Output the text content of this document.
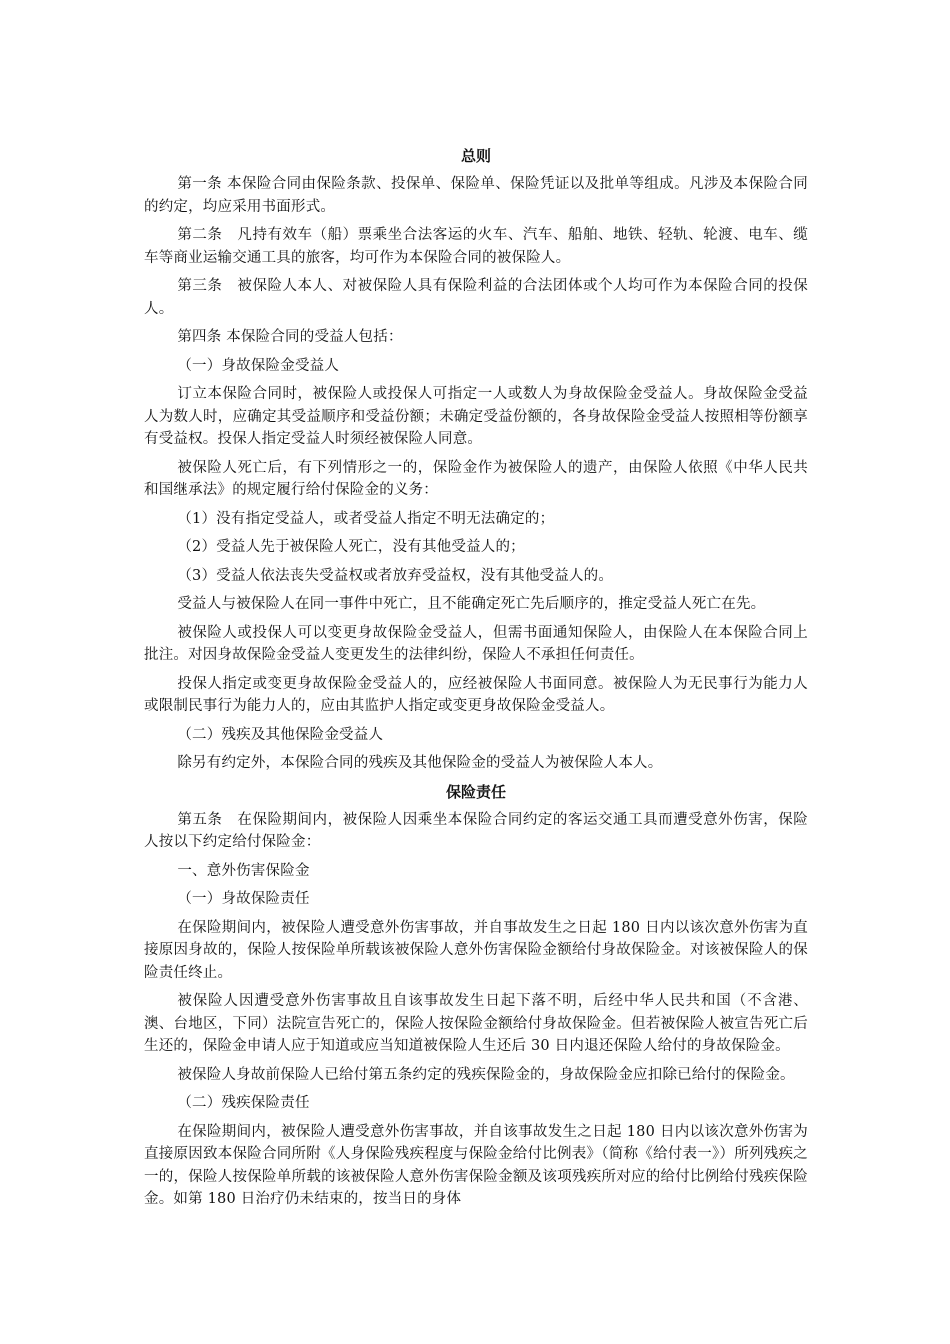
总则

第一条 本保险合同由保险条款、投保单、保险单、保险凭证以及批单等组成。凡涉及本保险合同的约定，均应采用书面形式。

第二条　凡持有效车（船）票乘坐合法客运的火车、汽车、船舶、地铁、轻轨、轮渡、电车、缆车等商业运输交通工具的旅客，均可作为本保险合同的被保险人。

第三条　被保险人本人、对被保险人具有保险利益的合法团体或个人均可作为本保险合同的投保人。

第四条 本保险合同的受益人包括：

（一）身故保险金受益人

订立本保险合同时，被保险人或投保人可指定一人或数人为身故保险金受益人。身故保险金受益人为数人时，应确定其受益顺序和受益份额；未确定受益份额的，各身故保险金受益人按照相等份额享有受益权。投保人指定受益人时须经被保险人同意。

被保险人死亡后，有下列情形之一的，保险金作为被保险人的遗产，由保险人依照《中华人民共和国继承法》的规定履行给付保险金的义务：

（1）没有指定受益人，或者受益人指定不明无法确定的；

（2）受益人先于被保险人死亡，没有其他受益人的；

（3）受益人依法丧失受益权或者放弃受益权，没有其他受益人的。

受益人与被保险人在同一事件中死亡，且不能确定死亡先后顺序的，推定受益人死亡在先。

被保险人或投保人可以变更身故保险金受益人，但需书面通知保险人，由保险人在本保险合同上批注。对因身故保险金受益人变更发生的法律纠纷，保险人不承担任何责任。

投保人指定或变更身故保险金受益人的，应经被保险人书面同意。被保险人为无民事行为能力人或限制民事行为能力人的，应由其监护人指定或变更身故保险金受益人。

（二）残疾及其他保险金受益人

除另有约定外，本保险合同的残疾及其他保险金的受益人为被保险人本人。

保险责任

第五条　在保险期间内，被保险人因乘坐本保险合同约定的客运交通工具而遭受意外伤害，保险人按以下约定给付保险金：

一、意外伤害保险金

（一）身故保险责任

在保险期间内，被保险人遭受意外伤害事故，并自事故发生之日起 180 日内以该次意外伤害为直接原因身故的，保险人按保险单所载该被保险人意外伤害保险金额给付身故保险金。对该被保险人的保险责任终止。

被保险人因遭受意外伤害事故且自该事故发生日起下落不明，后经中华人民共和国（不含港、澳、台地区，下同）法院宣告死亡的，保险人按保险金额给付身故保险金。但若被保险人被宣告死亡后生还的，保险金申请人应于知道或应当知道被保险人生还后 30 日内退还保险人给付的身故保险金。

被保险人身故前保险人已给付第五条约定的残疾保险金的，身故保险金应扣除已给付的保险金。

（二）残疾保险责任

在保险期间内，被保险人遭受意外伤害事故，并自该事故发生之日起 180 日内以该次意外伤害为直接原因致本保险合同所附《人身保险残疾程度与保险金给付比例表》（简称《给付表一》）所列残疾之一的，保险人按保险单所载的该被保险人意外伤害保险金额及该项残疾所对应的给付比例给付残疾保险金。如第 180 日治疗仍未结束的，按当日的身体
